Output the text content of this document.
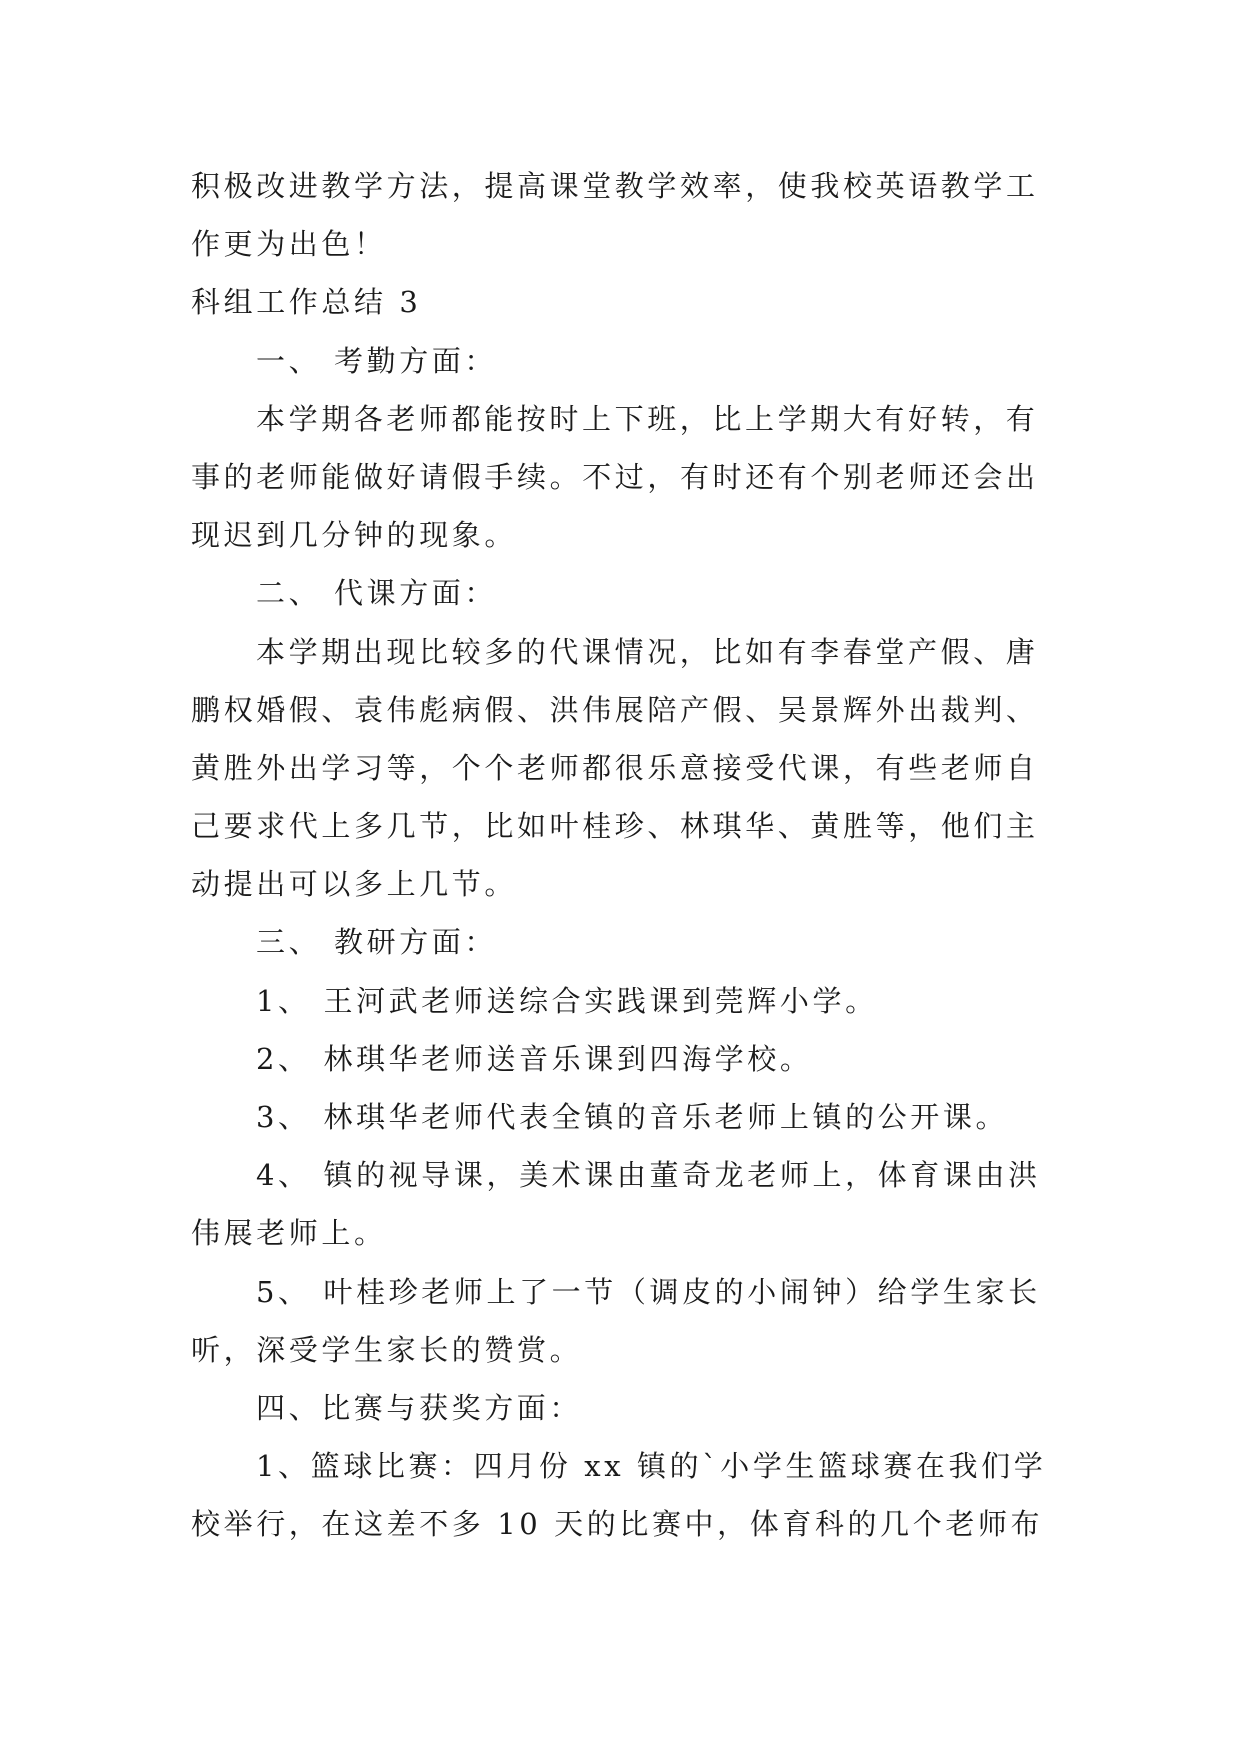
积极改进教学方法，提高课堂教学效率，使我校英语教学工
作更为出色！
科组工作总结 3
一、 考勤方面：
本学期各老师都能按时上下班，比上学期大有好转，有
事的老师能做好请假手续。不过，有时还有个别老师还会出
现迟到几分钟的现象。
二、 代课方面：
本学期出现比较多的代课情况，比如有李春堂产假、唐
鹏权婚假、袁伟彪病假、洪伟展陪产假、吴景辉外出裁判、
黄胜外出学习等，个个老师都很乐意接受代课，有些老师自
己要求代上多几节，比如叶桂珍、林琪华、黄胜等，他们主
动提出可以多上几节。
三、 教研方面：
1、 王河武老师送综合实践课到莞辉小学。
2、 林琪华老师送音乐课到四海学校。
3、 林琪华老师代表全镇的音乐老师上镇的公开课。
4、 镇的视导课，美术课由董奇龙老师上，体育课由洪
伟展老师上。
5、 叶桂珍老师上了一节（调皮的小闹钟）给学生家长
听，深受学生家长的赞赏。
四、比赛与获奖方面：
1、篮球比赛：四月份 xx 镇的`小学生篮球赛在我们学
校举行，在这差不多 10 天的比赛中，体育科的几个老师布
